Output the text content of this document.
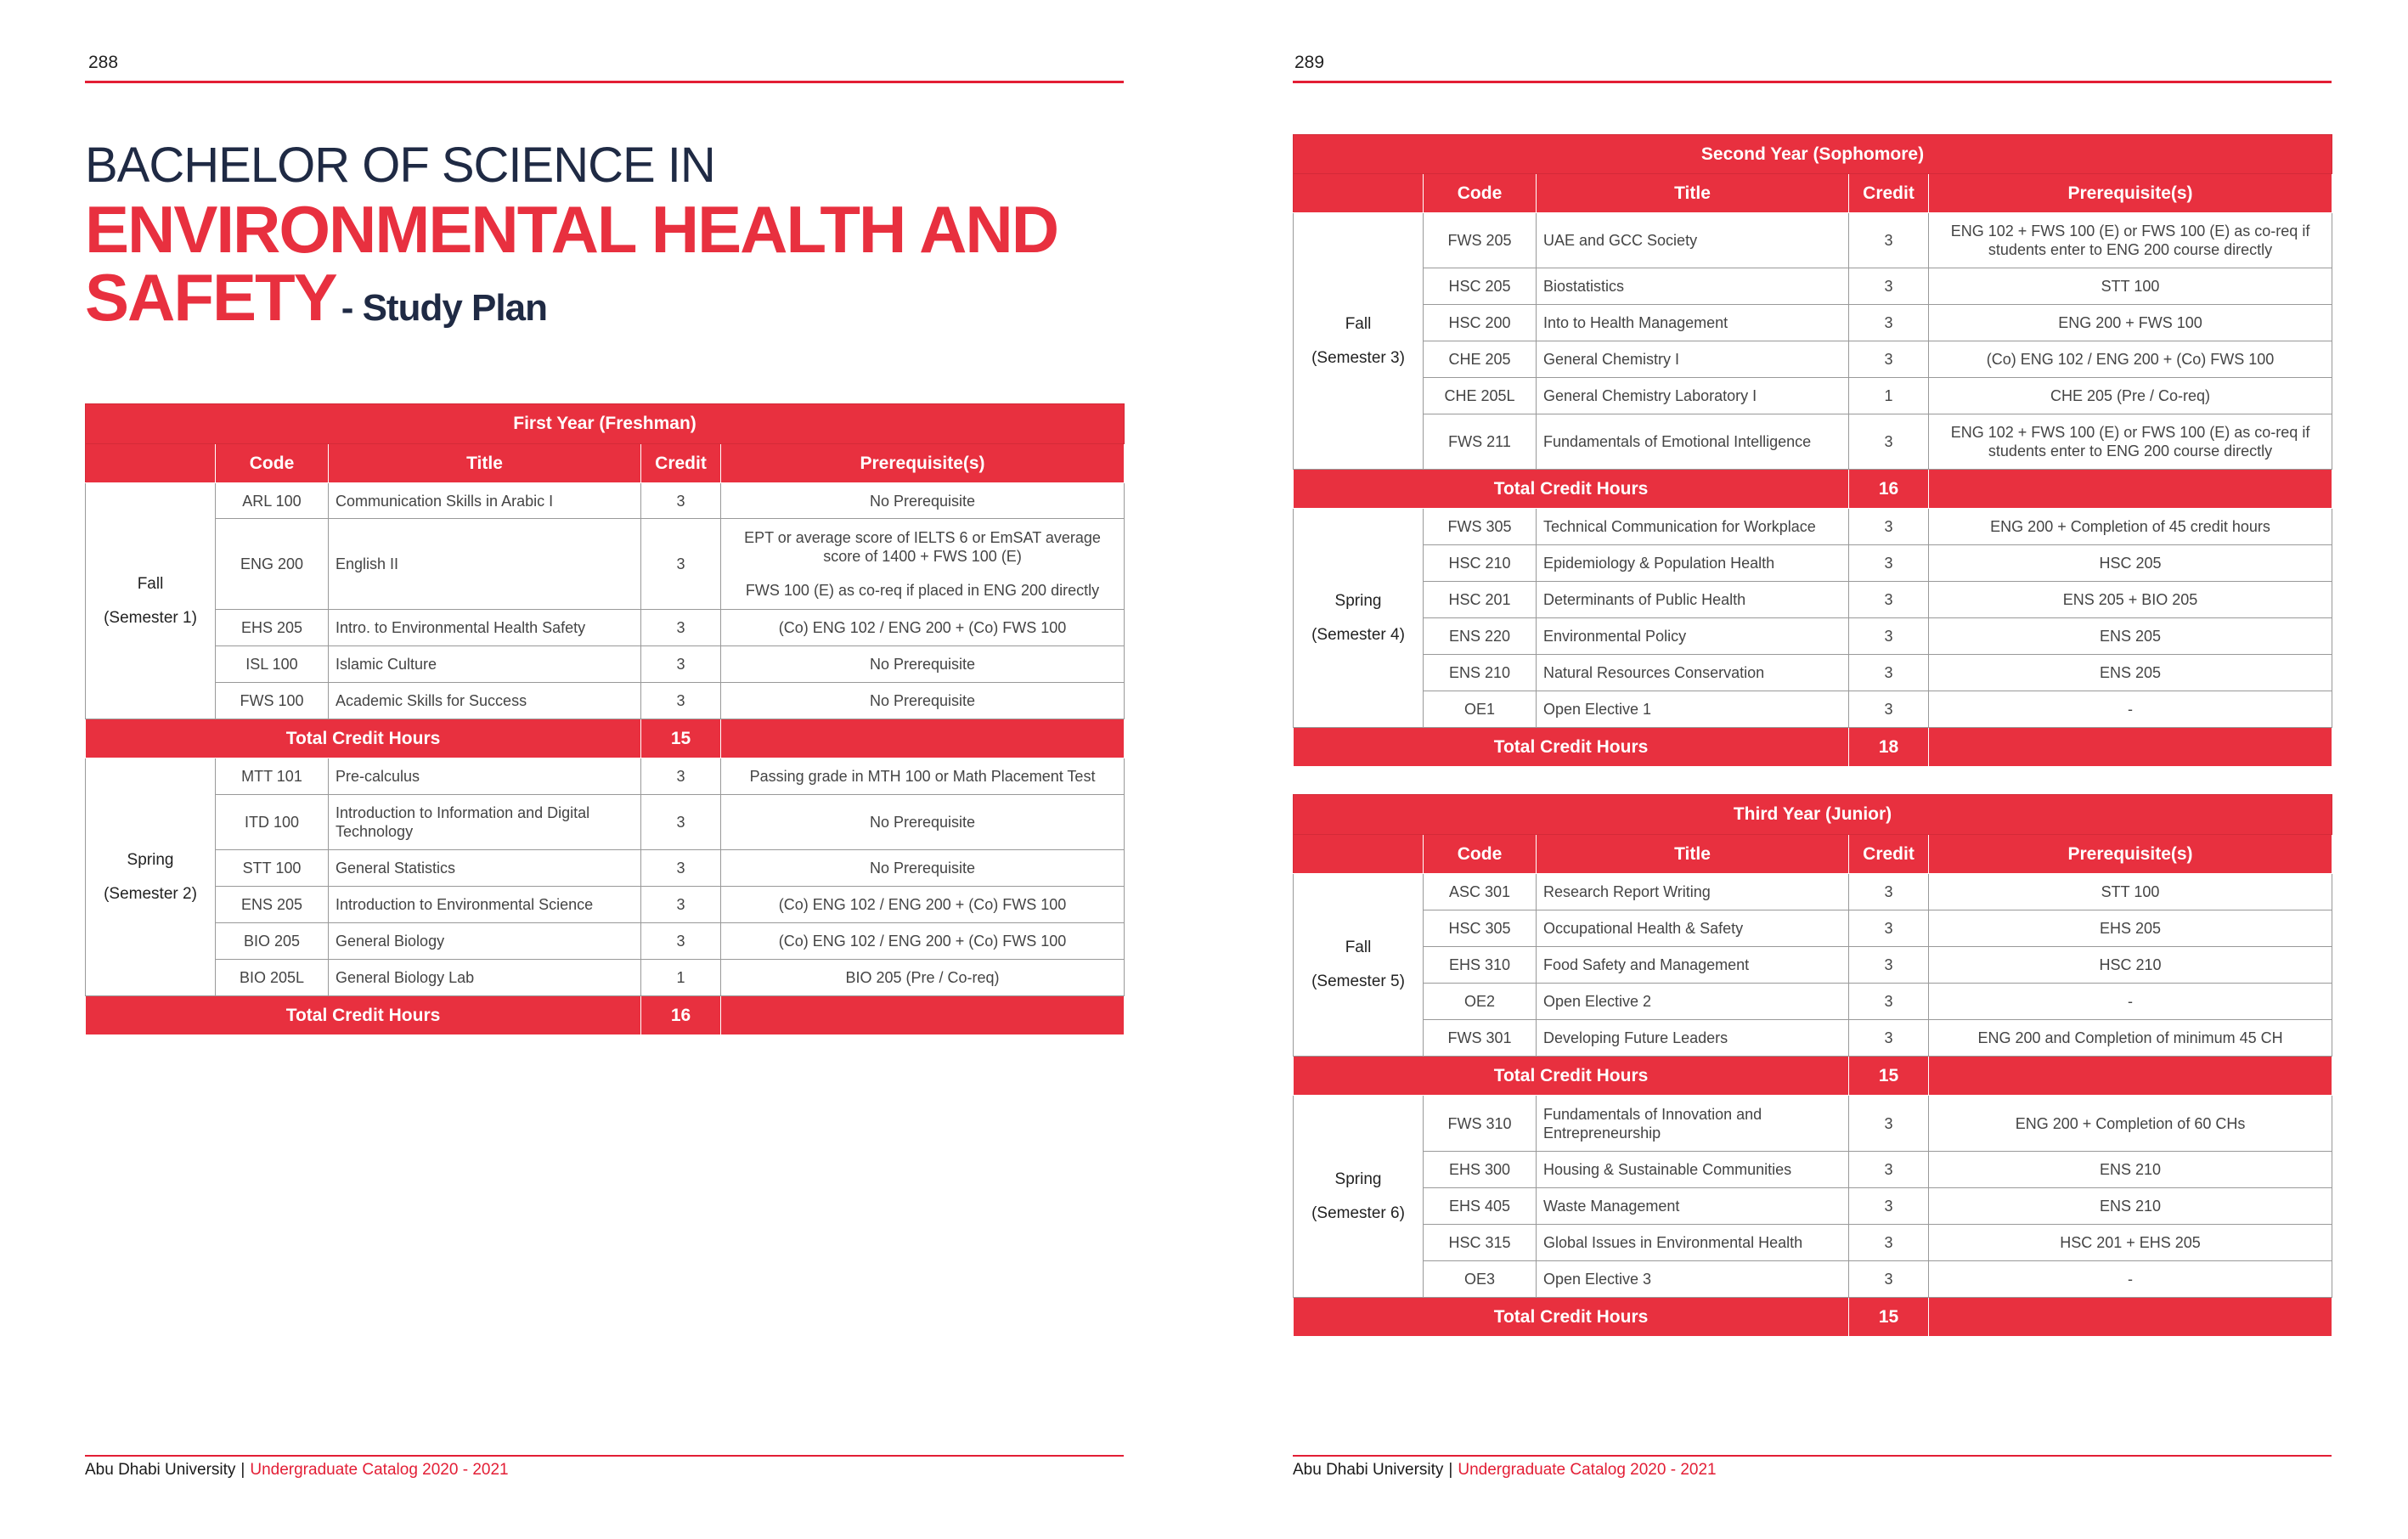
288
BACHELOR OF SCIENCE IN
ENVIRONMENTAL HEALTH AND
SAFETY - Study Plan
First Year (Freshman)				
	Code	Title	Credit	Prerequisite(s)

Fall
(Semester 1)	ARL 100	Communication Skills in Arabic I	3	No Prerequisite
	ENG 200	English II	3	EPT or average score of IELTS 6 or EmSAT average score of 1400 + FWS 100 (E)

FWS 100 (E) as co-req if placed in ENG 200 directly

	EHS 205	Intro. to Environmental Health Safety	3	(Co) ENG 102 / ENG 200 + (Co) FWS 100
	ISL 100	Islamic Culture	3	No Prerequisite
	FWS 100	Academic Skills for Success	3	No Prerequisite
Total Credit Hours			15	

Spring
(Semester 2)	MTT 101	Pre-calculus	3	Passing grade in MTH 100 or Math Placement Test
	ITD 100	Introduction to Information and Digital Technology	3	No Prerequisite
	STT 100	General Statistics	3	No Prerequisite
	ENS 205	Introduction to Environmental Science	3	(Co) ENG 102 / ENG 200 + (Co) FWS 100
	BIO 205	General Biology	3	(Co) ENG 102 / ENG 200 + (Co) FWS 100
	BIO 205L	General Biology Lab	1	BIO 205 (Pre / Co-req)
Total Credit Hours			16	
Abu Dhabi University | Undergraduate Catalog 2020 - 2021
289
Second Year (Sophomore)				
	Code	Title	Credit	Prerequisite(s)

Fall
(Semester 3)	FWS 205	UAE and GCC Society	3	ENG 102 + FWS 100 (E) or FWS 100 (E) as co-req if students enter to ENG 200 course directly
	HSC 205	Biostatistics	3	STT 100
	HSC 200	Into to Health Management	3	ENG 200 + FWS 100
	CHE 205	General Chemistry I	3	(Co) ENG 102 / ENG 200 + (Co) FWS 100
	CHE 205L	General Chemistry Laboratory I	1	CHE 205 (Pre / Co-req)
	FWS 211	Fundamentals of Emotional Intelligence	3	ENG 102 + FWS 100 (E) or FWS 100 (E) as co-req if students enter to ENG 200 course directly
Total Credit Hours			16	

Spring
(Semester 4)	FWS 305	Technical Communication for Workplace	3	ENG 200 + Completion of 45 credit hours
	HSC 210	Epidemiology & Population Health	3	HSC 205
	HSC 201	Determinants of Public Health	3	ENS 205 + BIO 205
	ENS 220	Environmental Policy	3	ENS 205
	ENS 210	Natural Resources Conservation	3	ENS 205
	OE1	Open Elective 1	3	-
Total Credit Hours			18	
Third Year (Junior)				
	Code	Title	Credit	Prerequisite(s)

Fall
(Semester 5)	ASC 301	Research Report Writing	3	STT 100
	HSC 305	Occupational Health & Safety	3	EHS 205
	EHS 310	Food Safety and Management	3	HSC 210
	OE2	Open Elective 2	3	-
	FWS 301	Developing Future Leaders	3	ENG 200 and Completion of minimum 45 CH
Total Credit Hours			15	

Spring
(Semester 6)	FWS 310	Fundamentals of Innovation and Entrepreneurship	3	ENG 200 + Completion of 60 CHs
	EHS 300	Housing & Sustainable Communities	3	ENS 210
	EHS 405	Waste Management	3	ENS 210
	HSC 315	Global Issues in Environmental Health	3	HSC 201 + EHS 205
	OE3	Open Elective 3	3	-
Total Credit Hours			15	
Abu Dhabi University | Undergraduate Catalog 2020 - 2021
